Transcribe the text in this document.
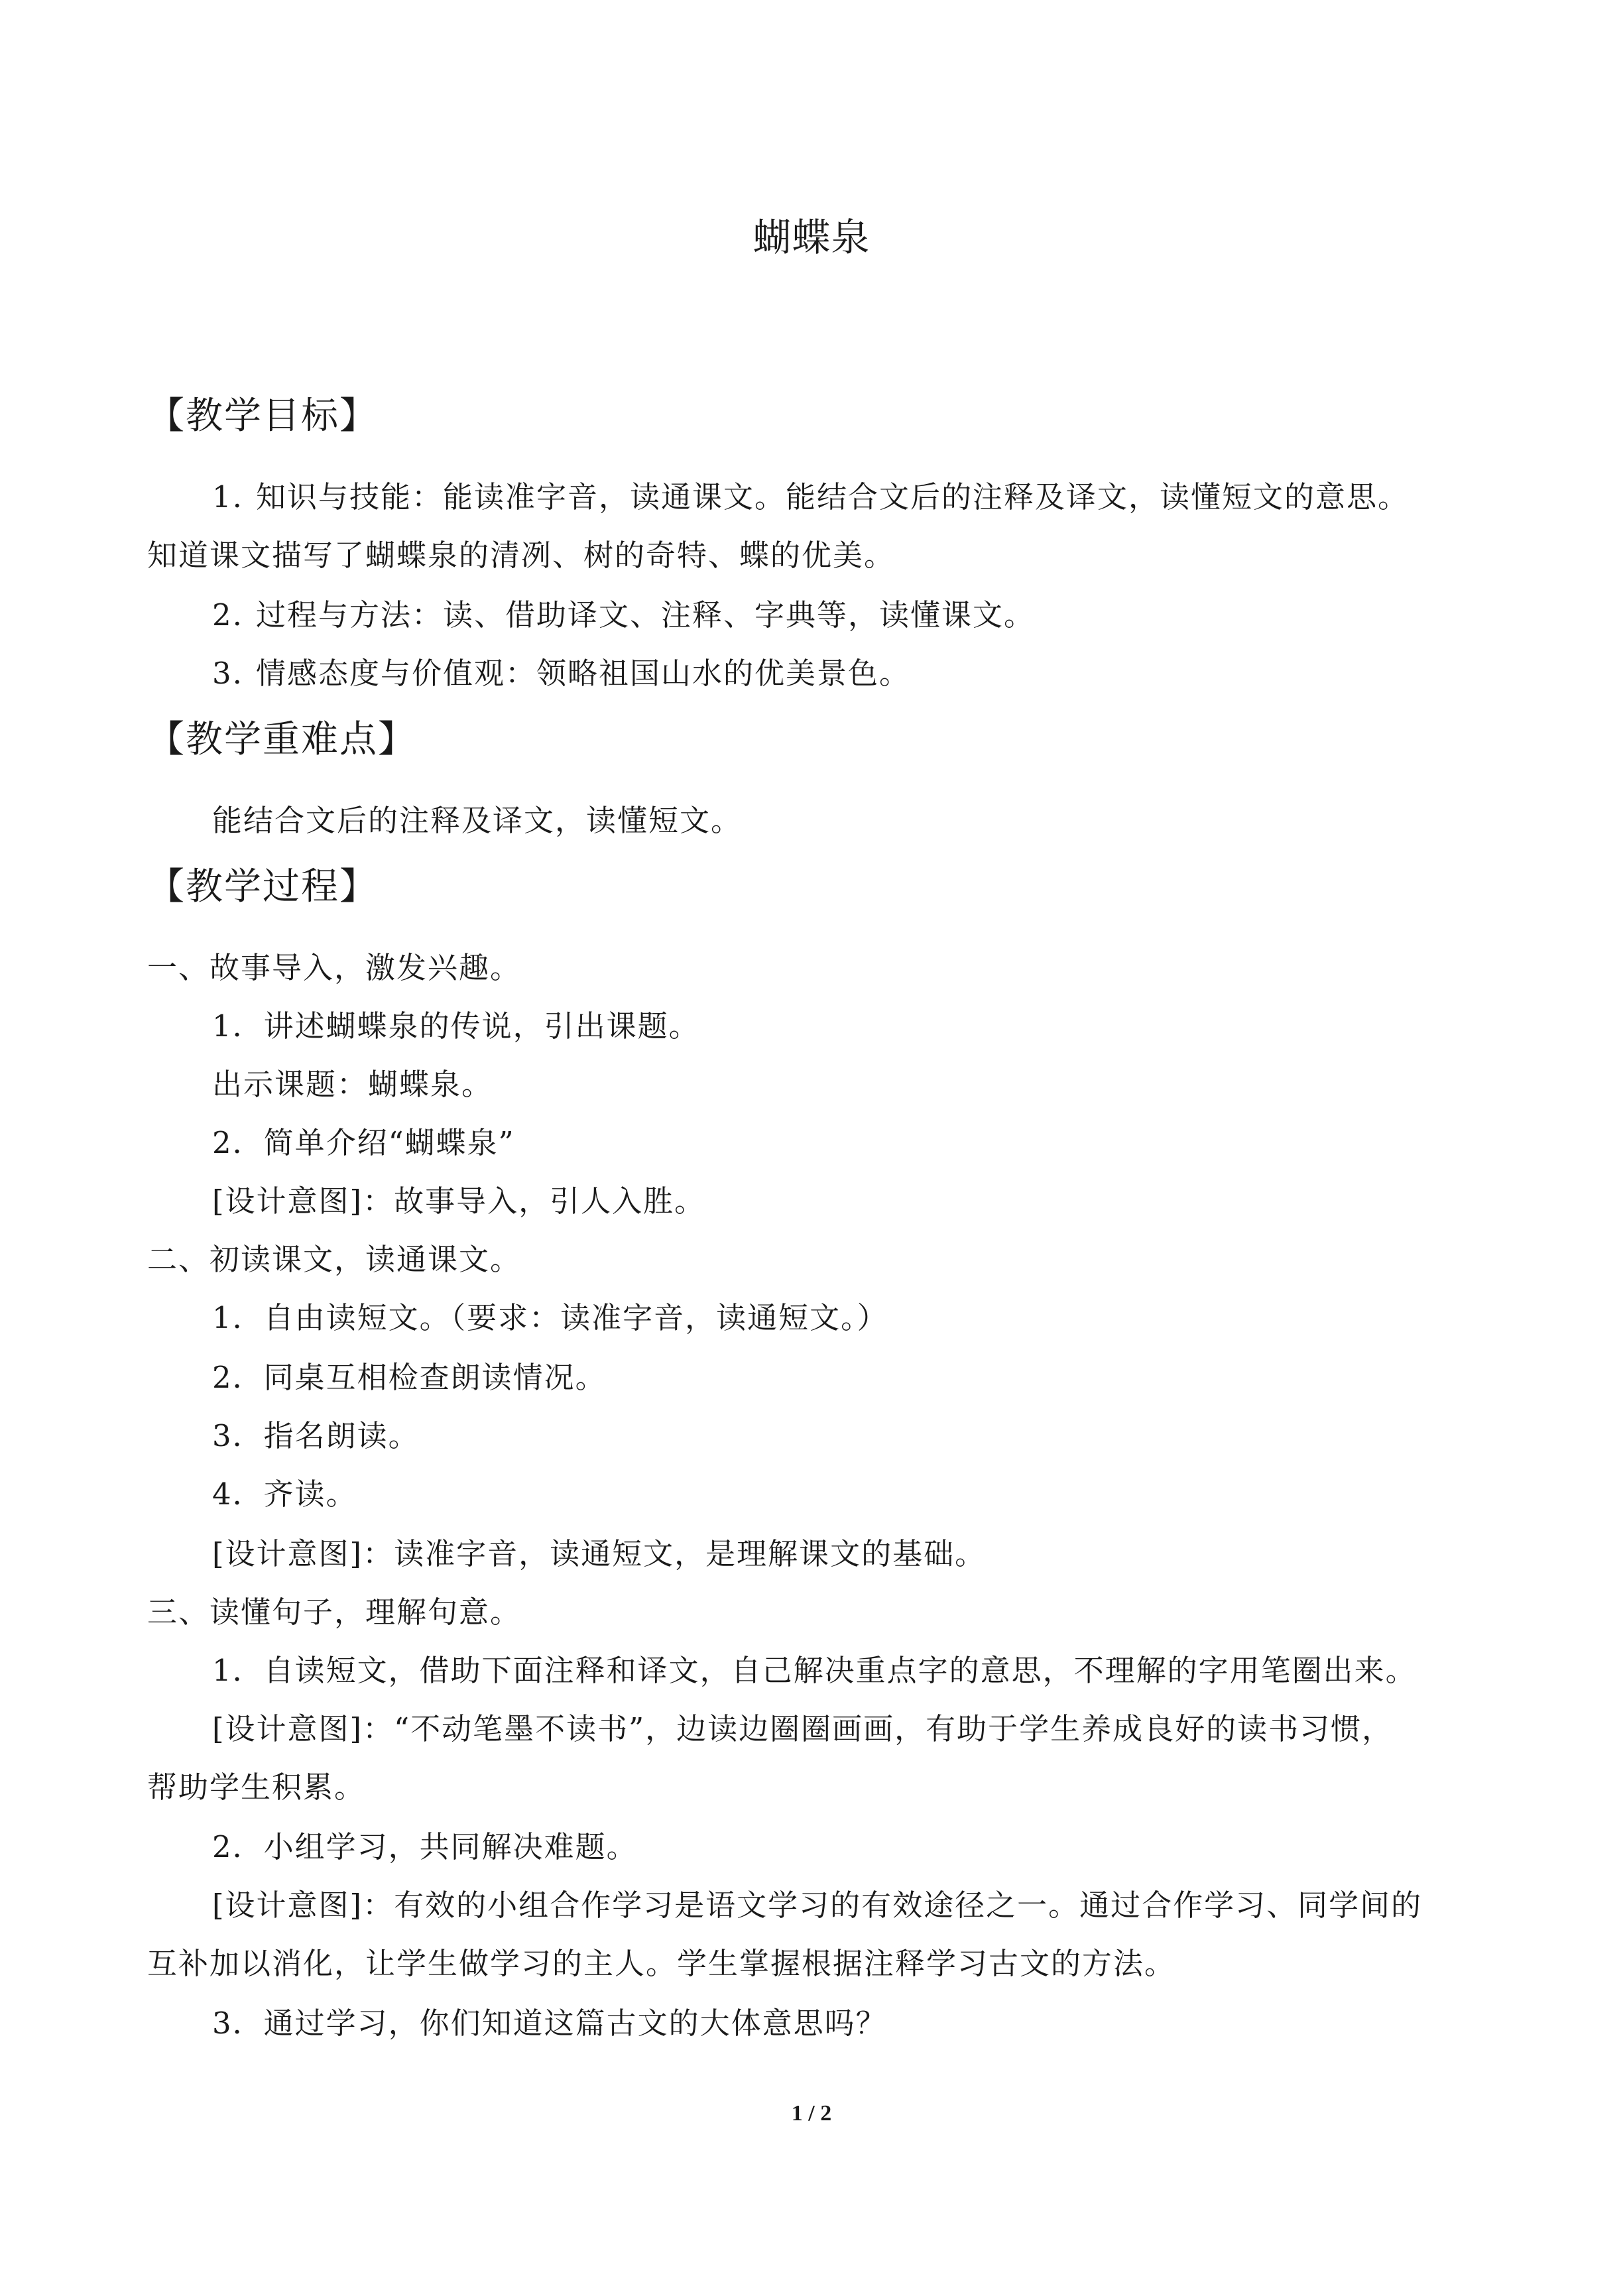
蝴蝶泉
【教学目标】
1. 知识与技能：能读准字音，读通课文。能结合文后的注释及译文，读懂短文的意思。
知道课文描写了蝴蝶泉的清冽、树的奇特、蝶的优美。
2. 过程与方法：读、借助译文、注释、字典等，读懂课文。
3. 情感态度与价值观：领略祖国山水的优美景色。
【教学重难点】
能结合文后的注释及译文，读懂短文。
【教学过程】
一、故事导入，激发兴趣。
1．讲述蝴蝶泉的传说，引出课题。
出示课题：蝴蝶泉。
2．简单介绍“蝴蝶泉”
[设计意图]：故事导入，引人入胜。
二、初读课文，读通课文。
1．自由读短文。（要求：读准字音，读通短文。）
2．同桌互相检查朗读情况。
3．指名朗读。
4．齐读。
[设计意图]：读准字音，读通短文，是理解课文的基础。
三、读懂句子，理解句意。
1．自读短文，借助下面注释和译文，自己解决重点字的意思，不理解的字用笔圈出来。
[设计意图]：“不动笔墨不读书”，边读边圈圈画画，有助于学生养成良好的读书习惯，
帮助学生积累。
2．小组学习，共同解决难题。
[设计意图]：有效的小组合作学习是语文学习的有效途径之一。通过合作学习、同学间的
互补加以消化，让学生做学习的主人。学生掌握根据注释学习古文的方法。
3．通过学习，你们知道这篇古文的大体意思吗？
1 / 2
